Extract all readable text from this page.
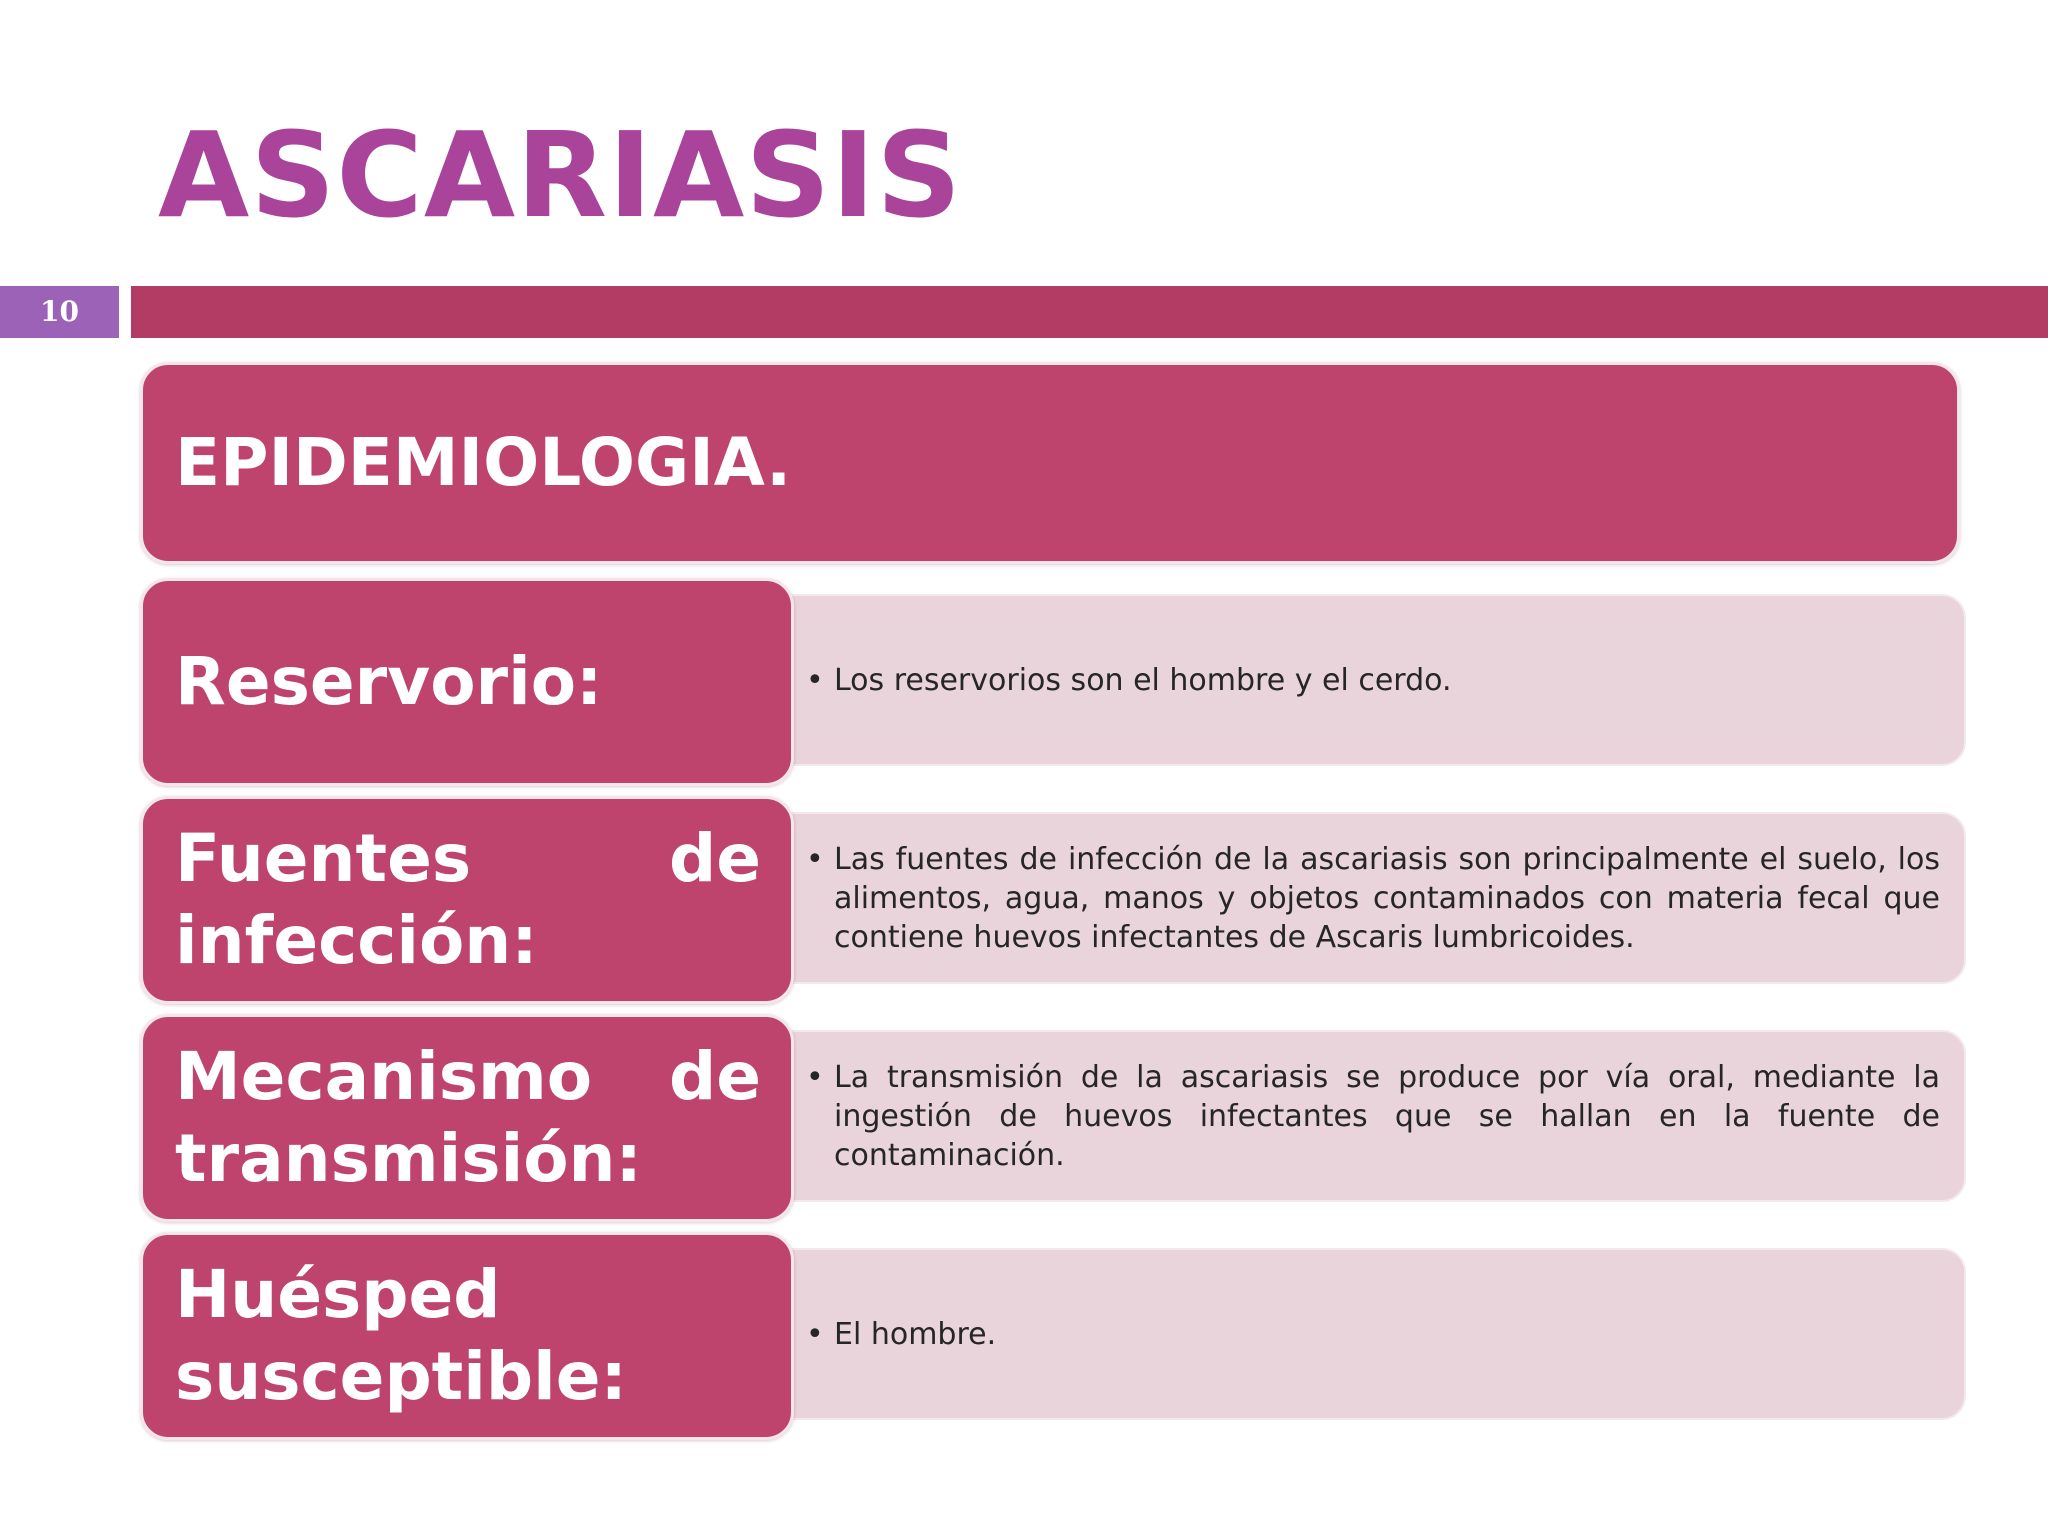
ASCARIASIS
10
EPIDEMIOLOGIA.
Reservorio:
•	Los reservorios son el hombre y el cerdo.
Fuentes de infección:
• Las fuentes de infección de la ascariasis son principalmente el suelo, los alimentos, agua, manos y objetos contaminados con materia fecal que contiene huevos infectantes de Ascaris lumbricoides.
Mecanismo de transmisión:
• La transmisión de la ascariasis se produce por vía oral, mediante la ingestión de huevos infectantes que se hallan en la fuente de contaminación.
Huésped susceptible:
• El hombre.
